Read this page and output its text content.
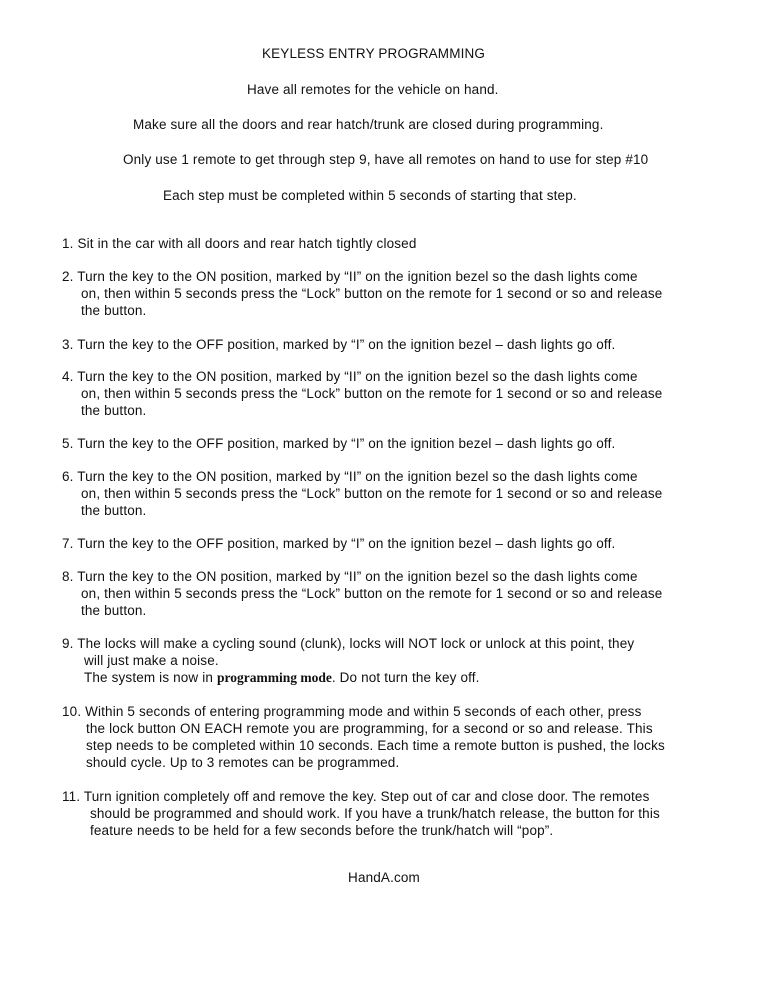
KEYLESS ENTRY PROGRAMMING
Have all remotes for the vehicle on hand.
Make sure all the doors and rear hatch/trunk are closed during programming.
Only use 1 remote to get through step 9, have all remotes on hand to use for step #10
Each step must be completed within 5 seconds of starting that step.
1. Sit in the car with all doors and rear hatch tightly closed
2. Turn the key to the ON position, marked by “II” on the ignition bezel so the dash lights come
on, then within 5 seconds press the “Lock” button on the remote for 1 second or so and release
the button.
3. Turn the key to the OFF position, marked by “I” on the ignition bezel – dash lights go off.
4. Turn the key to the ON position, marked by “II” on the ignition bezel so the dash lights come
on, then within 5 seconds press the “Lock” button on the remote for 1 second or so and release
the button.
5. Turn the key to the OFF position, marked by “I” on the ignition bezel – dash lights go off.
6. Turn the key to the ON position, marked by “II” on the ignition bezel so the dash lights come
on, then within 5 seconds press the “Lock” button on the remote for 1 second or so and release
the button.
7. Turn the key to the OFF position, marked by “I” on the ignition bezel – dash lights go off.
8. Turn the key to the ON position, marked by “II” on the ignition bezel so the dash lights come
on, then within 5 seconds press the “Lock” button on the remote for 1 second or so and release
the button.
9. The locks will make a cycling sound (clunk), locks will NOT lock or unlock at this point, they
will just make a noise.
The system is now in programming mode. Do not turn the key off.
10. Within 5 seconds of entering programming mode and within 5 seconds of each other, press
the lock button ON EACH remote you are programming, for a second or so and release. This
step needs to be completed within 10 seconds. Each time a remote button is pushed, the locks
should cycle. Up to 3 remotes can be programmed.
11. Turn ignition completely off and remove the key. Step out of car and close door. The remotes
should be programmed and should work. If you have a trunk/hatch release, the button for this
feature needs to be held for a few seconds before the trunk/hatch will “pop”.
HandA.com
